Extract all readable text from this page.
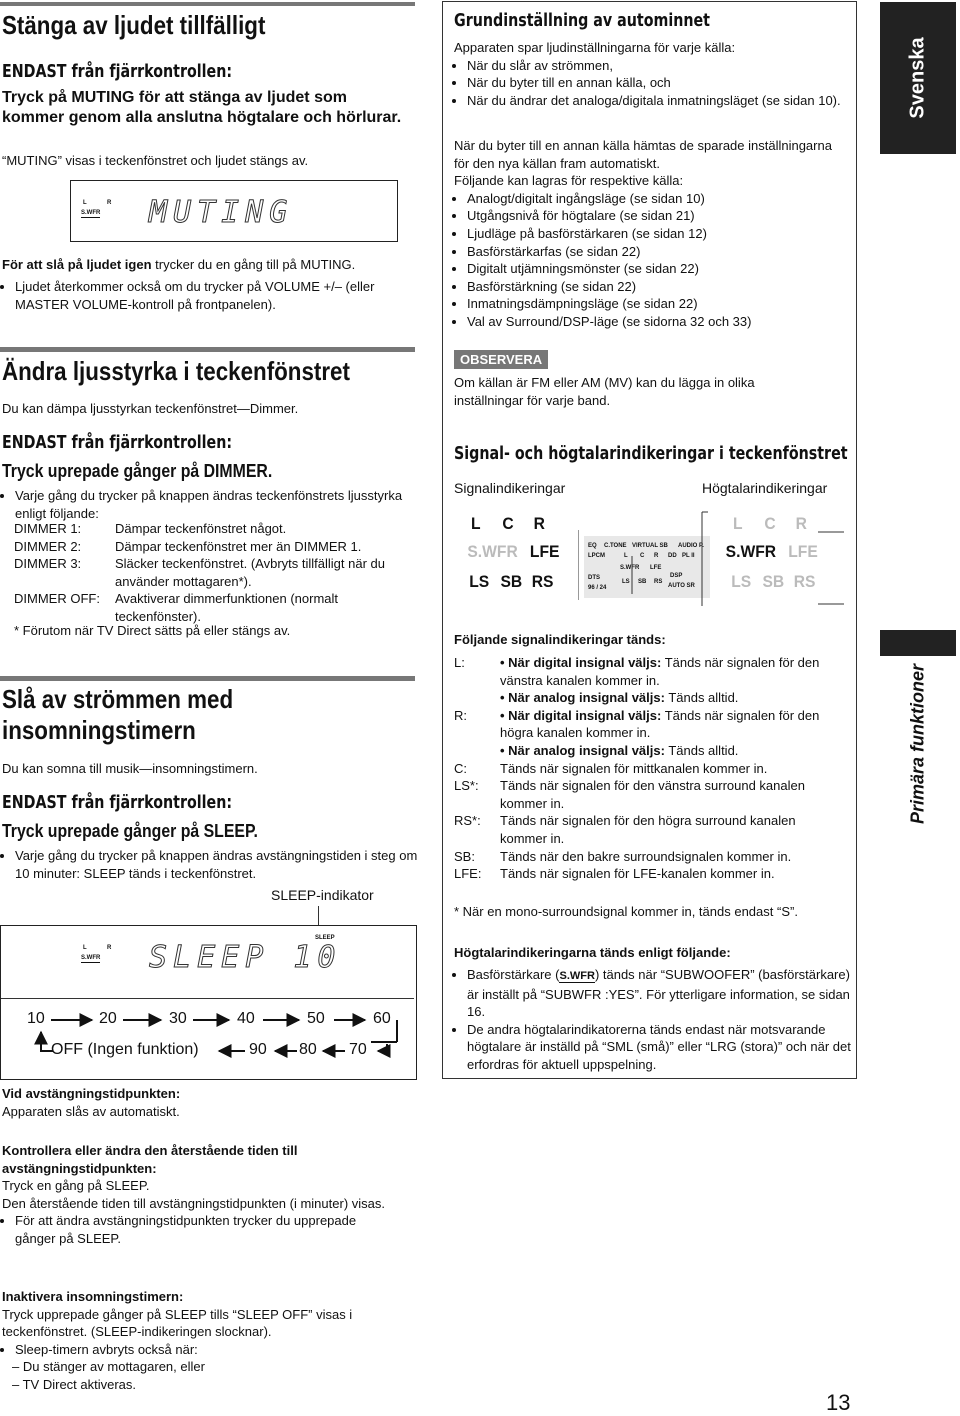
Stänga av ljudet tillfälligt
ENDAST från fjärrkontrollen:
Tryck på MUTING för att stänga av ljudet som kommer genom alla anslutna högtalare och hörlurar.
“MUTING” visas i teckenfönstret och ljudet stängs av.
L	R
S.WFR MUTING
För att slå på ljudet igen trycker du en gång till på MUTING.
• Ljudet återkommer också om du trycker på VOLUME +/– (eller MASTER VOLUME-kontroll på frontpanelen).
Ändra ljusstyrka i teckenfönstret
Du kan dämpa ljusstyrkan teckenfönstret—Dimmer.
ENDAST från fjärrkontrollen:
Tryck uprepade gånger på DIMMER.
• Varje gång du trycker på knappen ändras teckenfönstrets ljusstyrka enligt följande:
DIMMER 1:	Dämpar teckenfönstret något.
DIMMER 2:	Dämpar teckenfönstret mer än DIMMER 1.
DIMMER 3:	Släcker teckenfönstret. (Avbryts tillfälligt när du använder mottagaren*).
DIMMER OFF: Avaktiverar dimmerfunktionen (normalt teckenfönster).
* Förutom när TV Direct sätts på eller stängs av.
Slå av strömmen med
insomningstimern
Du kan somna till musik—insomningstimern.
ENDAST från fjärrkontrollen:
Tryck uprepade gånger på SLEEP.
• Varje gång du trycker på knappen ändras avstängningstiden i steg om 10 minuter: SLEEP tänds i teckenfönstret.
SLEEP-indikator
L	R
S.WFR
SLEEP
SLEEP 10
10	20	30	40	50	60
OFF (Ingen funktion)	90 80 70
Vid avstängningstidpunkten:
Apparaten slås av automatiskt.
Kontrollera eller ändra den återstående tiden till avstängningstidpunkten:
Tryck en gång på SLEEP.
Den återstående tiden till avstängningstidpunkten (i minuter) visas.
• För att ändra avstängningstidpunkten trycker du upprepade gånger på SLEEP.
Inaktivera insomningstimern:
Tryck upprepade gånger på SLEEP tills “SLEEP OFF” visas i teckenfönstret. (SLEEP-indikeringen slocknar).
• Sleep-timern avbryts också när:
– Du stänger av mottagaren, eller
– TV Direct aktiveras.
Grundinställning av autominnet
Apparaten spar ljudinställningarna för varje källa:
• När du slår av strömmen,
• När du byter till en annan källa, och
• När du ändrar det analoga/digitala inmatningsläget (se sidan 10).
När du byter till en annan källa hämtas de sparade inställningarna för den nya källan fram automatiskt.
Följande kan lagras för respektive källa:
• Analogt/digitalt ingångsläge (se sidan 10)
• Utgångsnivå för högtalare (se sidan 21)
• Ljudläge på basförstärkaren (se sidan 12)
• Basförstärkarfas (se sidan 22)
• Digitalt utjämningsmönster (se sidan 22)
• Basförstärkning (se sidan 22)
• Inmatningsdämpningsläge (se sidan 22)
• Val av Surround/DSP-läge (se sidorna 32 och 33)
OBSERVERA
Om källan är FM eller AM (MV) kan du lägga in olika inställningar för varje band.
Signal- och högtalarindikeringar i teckenfönstret
Signalindikeringar	Högtalarindikeringar
L C R
S.WFR LFE
LS SB RS
EQ C.TONE VIRTUAL SB AUDIO P.
LPCM	L C R DD PL II
S.WFR LFE
DTS	DSP
LS SB RS
96 / 24	AUTO SR
L C R
S.WFR LFE
LS SB RS
Följande signalindikeringar tänds:
L:	• När digital insignal väljs: Tänds när signalen för den vänstra kanalen kommer in.
• När analog insignal väljs: Tänds alltid.
R:	• När digital insignal väljs: Tänds när signalen för den högra kanalen kommer in.
• När analog insignal väljs: Tänds alltid.
C:	Tänds när signalen för mittkanalen kommer in.
LS*:	Tänds när signalen för den vänstra surround kanalen kommer in.
RS*:	Tänds när signalen för den högra surround kanalen kommer in.
SB:	Tänds när den bakre surroundsignalen kommer in.
LFE:	Tänds när signalen för LFE-kanalen kommer in.
* När en mono-surroundsignal kommer in, tänds endast “S”.
Högtalarindikeringarna tänds enligt följande:
• Basförstärkare (S.WFR) tänds när “SUBWOOFER” (basförstärkare) är inställt på “SUBWFR :YES”. För ytterligare information, se sidan 16.
• De andra högtalarindikatorerna tänds endast när motsvarande högtalare är inställd på “SML (små)” eller “LRG (stora)” och när det erfordras för aktuell uppspelning.
Svenska
Primära funktioner
13
